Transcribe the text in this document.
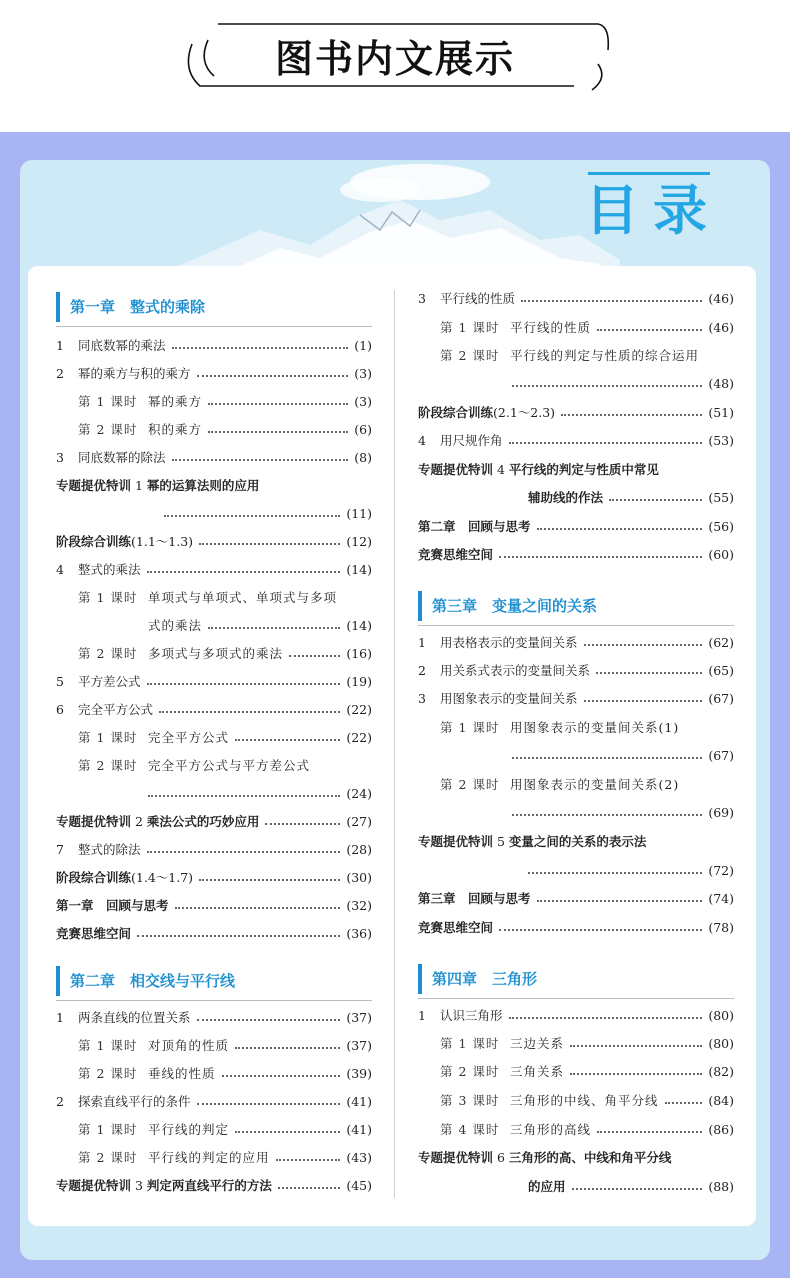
图书内文展示
目录
第一章　整式的乘除
1	同底数幂的乘法	(1)
2	幂的乘方与积的乘方	(3)
第 1 课时 幂的乘方	(3)
第 2 课时 积的乘方	(6)
3	同底数幂的除法	(8)
专题提优特训 1 幂的运算法则的应用
(11)
阶段综合训练(1.1～1.3)	(12)
4	整式的乘法	(14)
第 1 课时 单项式与单项式、单项式与多项
式的乘法	(14)
第 2 课时 多项式与多项式的乘法	(16)
5	平方差公式	(19)
6	完全平方公式	(22)
第 1 课时 完全平方公式	(22)
第 2 课时 完全平方公式与平方差公式
(24)
专题提优特训 2 乘法公式的巧妙应用	(27)
7	整式的除法	(28)
阶段综合训练(1.4～1.7)	(30)
第一章　回顾与思考	(32)
竞赛思维空间	(36)
第二章　相交线与平行线
1	两条直线的位置关系	(37)
第 1 课时 对顶角的性质	(37)
第 2 课时 垂线的性质	(39)
2	探索直线平行的条件	(41)
第 1 课时 平行线的判定	(41)
第 2 课时 平行线的判定的应用	(43)
专题提优特训 3 判定两直线平行的方法	(45)
3	平行线的性质	(46)
第 1 课时 平行线的性质	(46)
第 2 课时 平行线的判定与性质的综合运用
(48)
阶段综合训练(2.1～2.3)	(51)
4	用尺规作角	(53)
专题提优特训 4 平行线的判定与性质中常见
辅助线的作法	(55)
第二章　回顾与思考	(56)
竞赛思维空间	(60)
第三章　变量之间的关系
1	用表格表示的变量间关系	(62)
2	用关系式表示的变量间关系	(65)
3	用图象表示的变量间关系	(67)
第 1 课时 用图象表示的变量间关系(1)
(67)
第 2 课时 用图象表示的变量间关系(2)
(69)
专题提优特训 5 变量之间的关系的表示法
(72)
第三章　回顾与思考	(74)
竞赛思维空间	(78)
第四章　三角形
1	认识三角形	(80)
第 1 课时 三边关系	(80)
第 2 课时 三角关系	(82)
第 3 课时 三角形的中线、角平分线	(84)
第 4 课时 三角形的高线	(86)
专题提优特训 6 三角形的高、中线和角平分线
的应用	(88)
